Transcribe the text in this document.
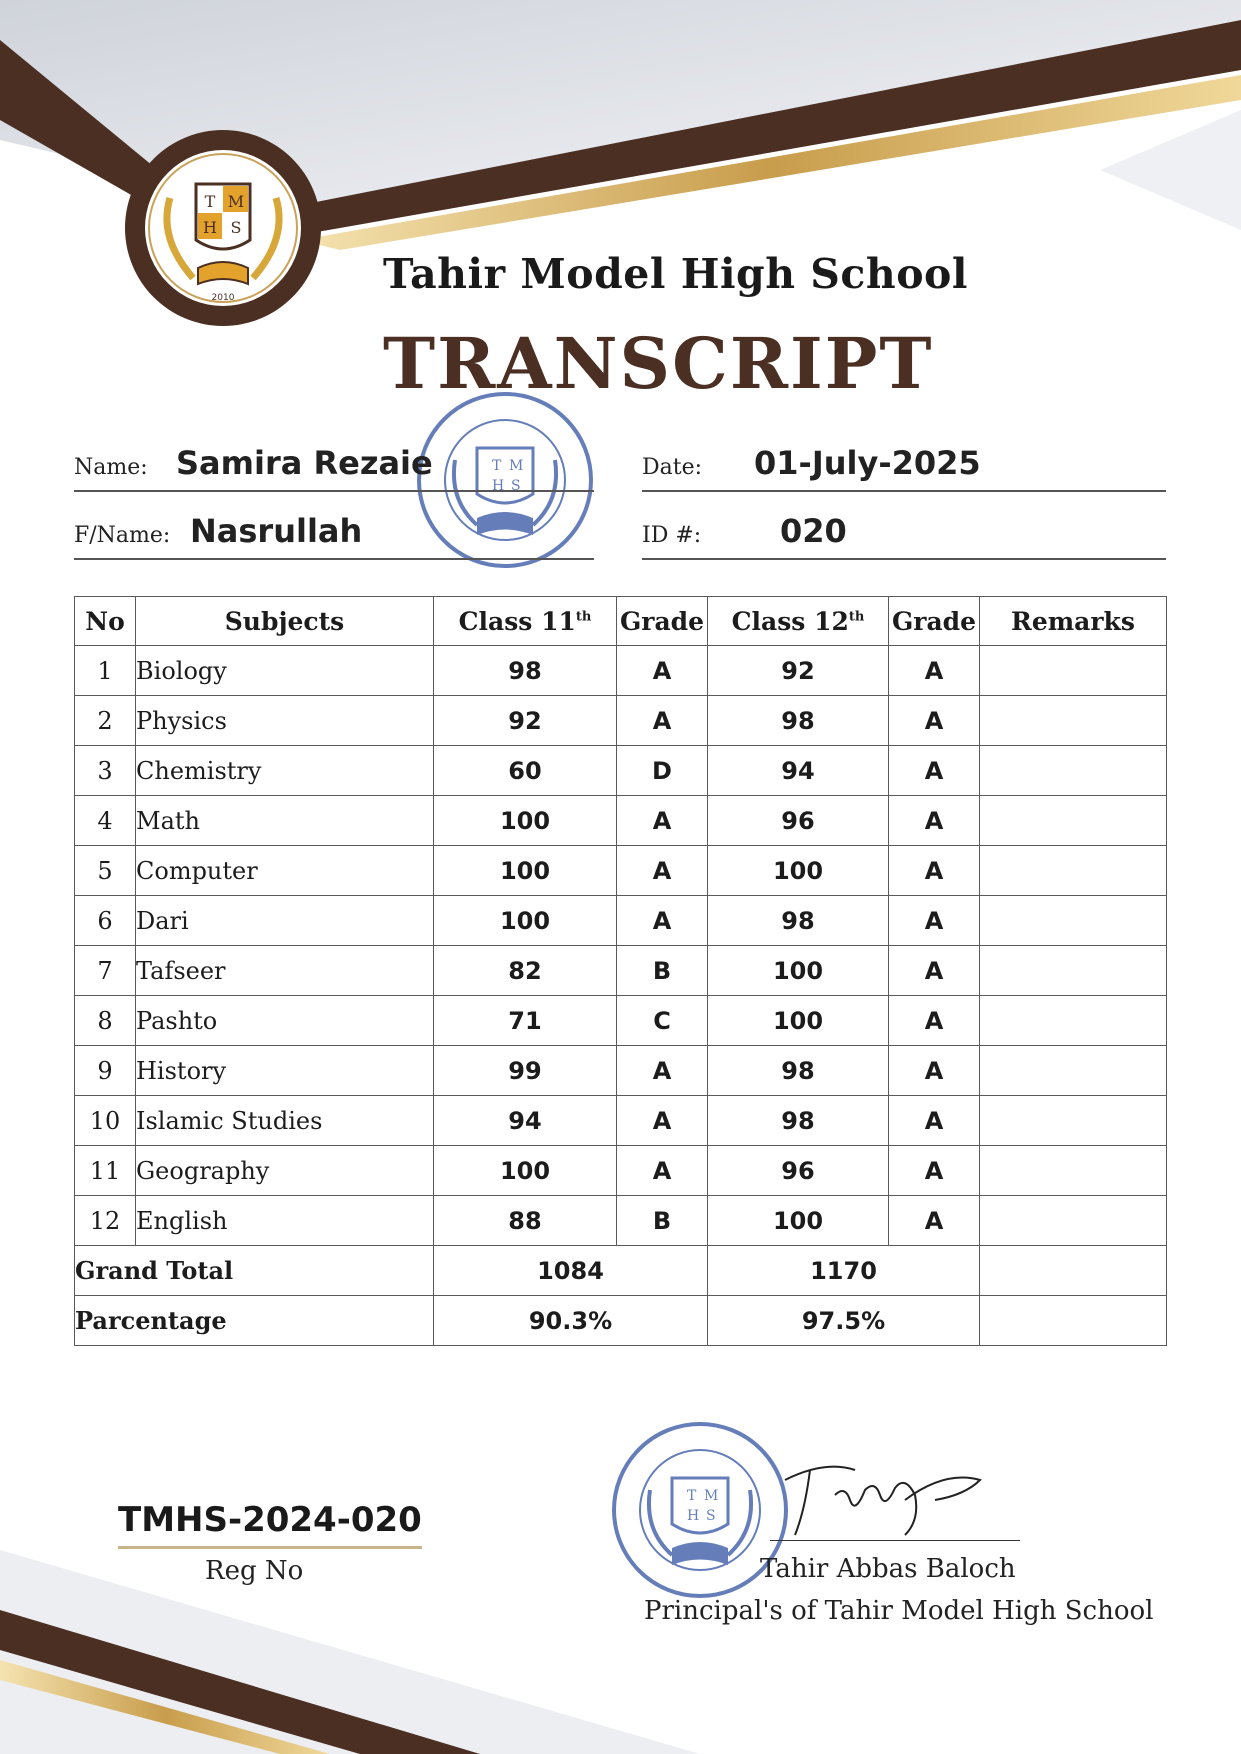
T M
H S
2010	Tahir Model High School
TRANSCRIPT
T M
H S
Name: Samira Rezaie	Date: 01-July-2025
F/Name: Nasrullah	ID #: 020
No	Subjects	Class 11th	Grade	Class 12th	Grade	Remarks
1	Biology	98	A	92	A	
2	Physics	92	A	98	A	
3	Chemistry	60	D	94	A	
4	Math	100	A	96	A	
5	Computer	100	A	100	A	
6	Dari	100	A	98	A	
7	Tafseer	82	B	100	A	
8	Pashto	71	C	100	A	
9	History	99	A	98	A	
10	Islamic Studies	94	A	98	A	
11	Geography	100	A	96	A	
12	English	88	B	100	A	
Grand Total		1084		1170		
Parcentage		90.3%		97.5%		
TMHS-2024-020
Reg No
T M
H S
Tahir Abbas Baloch
Principal's of Tahir Model High School
